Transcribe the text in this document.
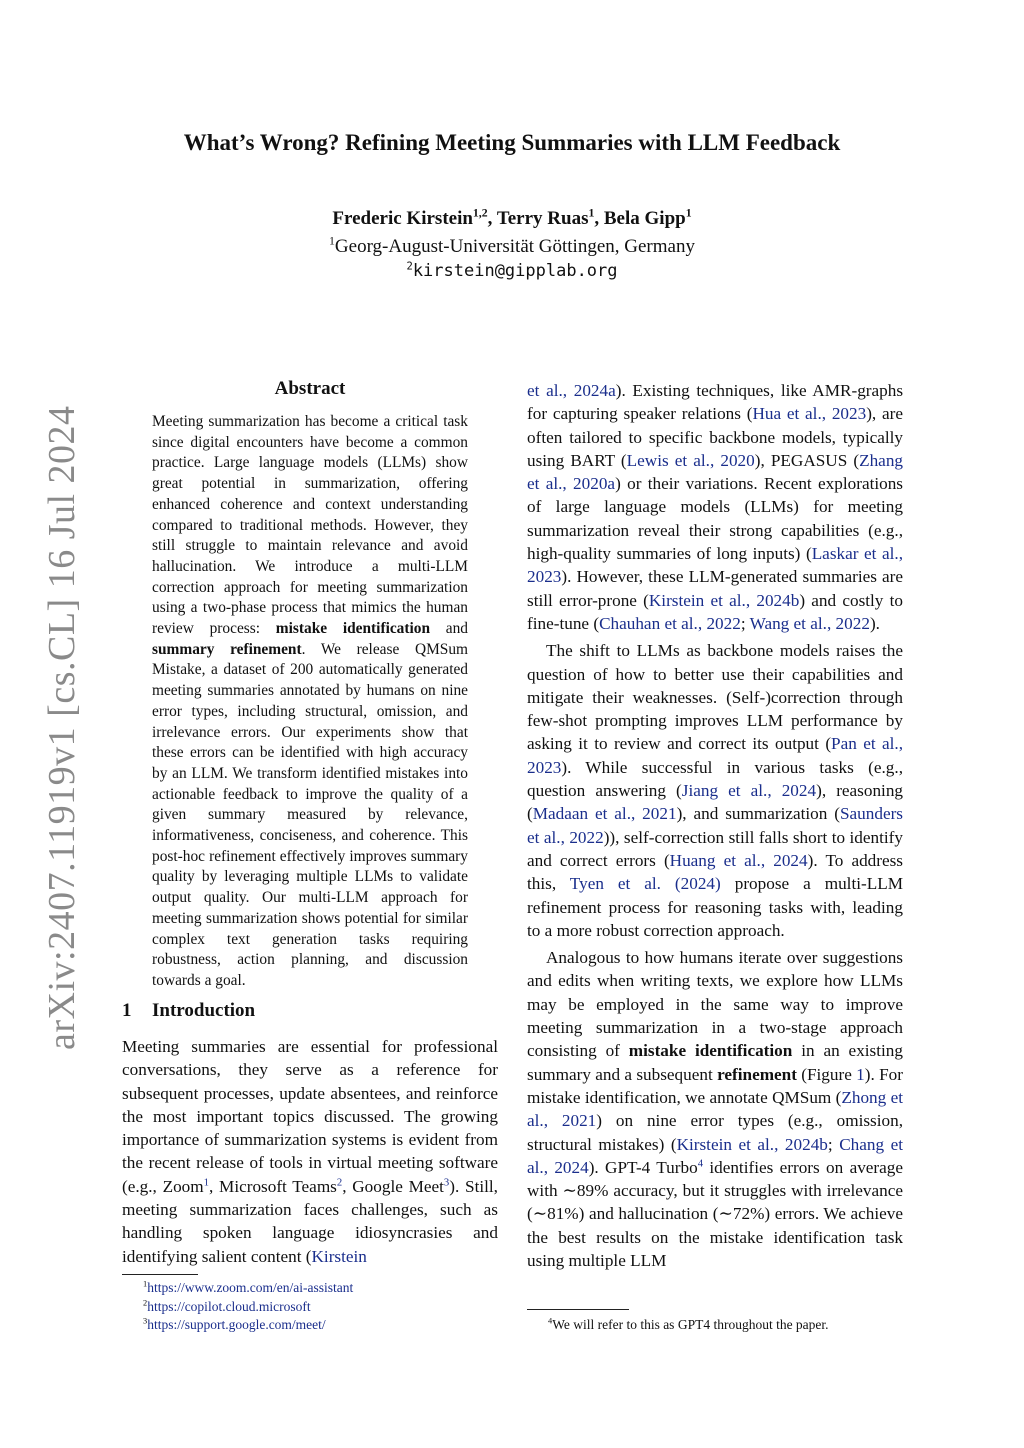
What’s Wrong? Refining Meeting Summaries with LLM Feedback
Frederic Kirstein$^{1,2}$, Terry Ruas$^1$, Bela Gipp$^1$
$^1$Georg-August-Universität Göttingen, Germany
$^2$kirstein@gipplab.org
arXiv:2407.11919v1 [cs.CL] 16 Jul 2024
Abstract
Meeting summarization has become a critical task since digital encounters have become a common practice. Large language models (LLMs) show great potential in summarization, offering enhanced coherence and context understanding compared to traditional methods. However, they still struggle to maintain relevance and avoid hallucination. We introduce a multi-LLM correction approach for meeting summarization using a two-phase process that mimics the human review process: mistake identification and summary refinement. We release QMSum Mistake, a dataset of 200 automatically generated meeting summaries annotated by humans on nine error types, including structural, omission, and irrelevance errors. Our experiments show that these errors can be identified with high accuracy by an LLM. We transform identified mistakes into actionable feedback to improve the quality of a given summary measured by relevance, informativeness, conciseness, and coherence. This post-hoc refinement effectively improves summary quality by leveraging multiple LLMs to validate output quality. Our multi-LLM approach for meeting summarization shows potential for similar complex text generation tasks requiring robustness, action planning, and discussion towards a goal.
1 Introduction

Meeting summaries are essential for professional conversations, they serve as a reference for subsequent processes, update absentees, and reinforce the most important topics discussed. The growing importance of summarization systems is evident from the recent release of tools in virtual meeting software (e.g., Zoom$^1$, Microsoft Teams$^2$, Google Meet$^3$). Still, meeting summarization faces challenges, such as handling spoken language idiosyncrasies and identifying salient content (Kirstein

$^1$https://www.zoom.com/en/ai-assistant
$^2$https://copilot.cloud.microsoft
$^3$https://support.google.com/meet/

et al., 2024a). Existing techniques, like AMR-graphs for capturing speaker relations (Hua et al., 2023), are often tailored to specific backbone models, typically using BART (Lewis et al., 2020), PEGASUS (Zhang et al., 2020a) or their variations. Recent explorations of large language models (LLMs) for meeting summarization reveal their strong capabilities (e.g., high-quality summaries of long inputs) (Laskar et al., 2023). However, these LLM-generated summaries are still error-prone (Kirstein et al., 2024b) and costly to fine-tune (Chauhan et al., 2022; Wang et al., 2022).

The shift to LLMs as backbone models raises the question of how to better use their capabilities and mitigate their weaknesses. (Self-)correction through few-shot prompting improves LLM performance by asking it to review and correct its output (Pan et al., 2023). While successful in various tasks (e.g., question answering (Jiang et al., 2024), reasoning (Madaan et al., 2021), and summarization (Saunders et al., 2022)), self-correction still falls short to identify and correct errors (Huang et al., 2024). To address this, Tyen et al. (2024) propose a multi-LLM refinement process for reasoning tasks with, leading to a more robust correction approach.

Analogous to how humans iterate over suggestions and edits when writing texts, we explore how LLMs may be employed in the same way to improve meeting summarization in a two-stage approach consisting of mistake identification in an existing summary and a subsequent refinement (Figure 1). For mistake identification, we annotate QMSum (Zhong et al., 2021) on nine error types (e.g., omission, structural mistakes) (Kirstein et al., 2024b; Chang et al., 2024). GPT-4 Turbo$^4$ identifies errors on average with ∼89% accuracy, but it struggles with irrelevance (∼81%) and hallucination (∼72%) errors. We achieve the best results on the mistake identification task using multiple LLM

$^4$We will refer to this as GPT4 throughout the paper.
